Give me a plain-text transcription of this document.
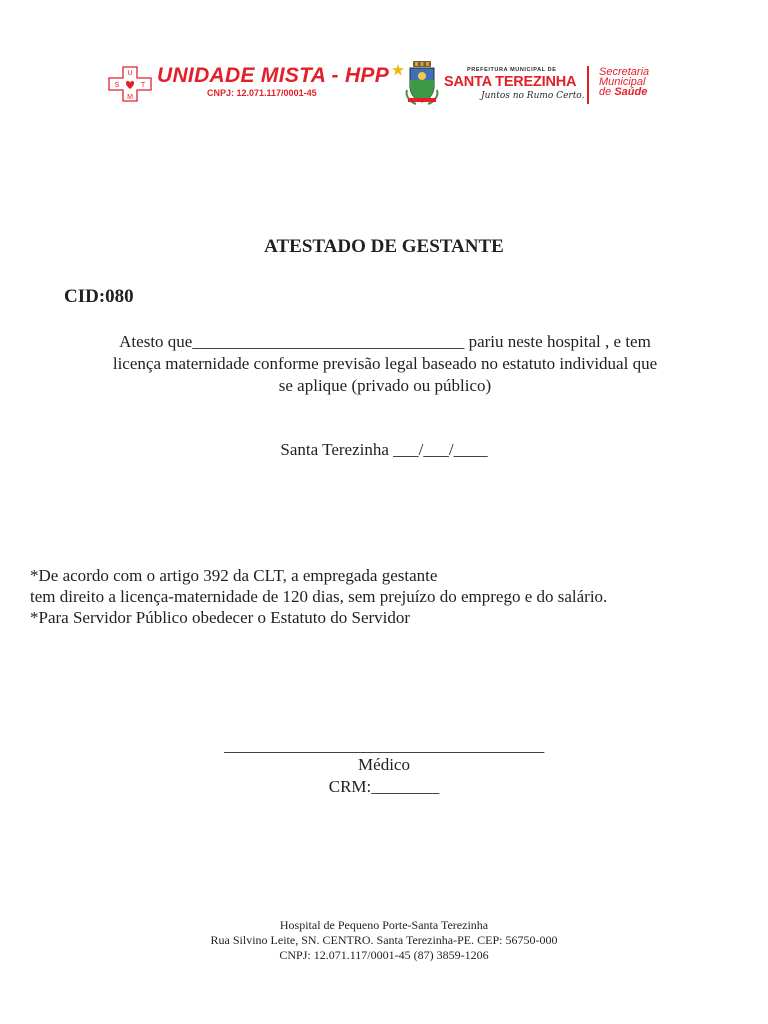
U
S	T
M
UNIDADE MISTA - HPP
CNPJ: 12.071.117/0001-45
PREFEITURA MUNICIPAL DE
SANTA TEREZINHA
Juntos no Rumo Certo.
Secretaria
Municipal
de Saúde
ATESTADO DE GESTANTE
CID:080
Atesto que________________________________ pariu neste hospital , e tem
licença maternidade conforme previsão legal baseado no estatuto individual que
se aplique (privado ou público)
Santa Terezinha ___/___/____
*De acordo com o artigo 392 da CLT, a empregada gestante
tem direito a licença-maternidade de 120 dias, sem prejuízo do emprego e do salário.
*Para Servidor Público obedecer o Estatuto do Servidor
_______________________________________
Médico
CRM:________
Hospital de Pequeno Porte-Santa Terezinha
Rua Silvino Leite, SN. CENTRO. Santa Terezinha-PE. CEP: 56750-000
CNPJ: 12.071.117/0001-45 (87) 3859-1206
